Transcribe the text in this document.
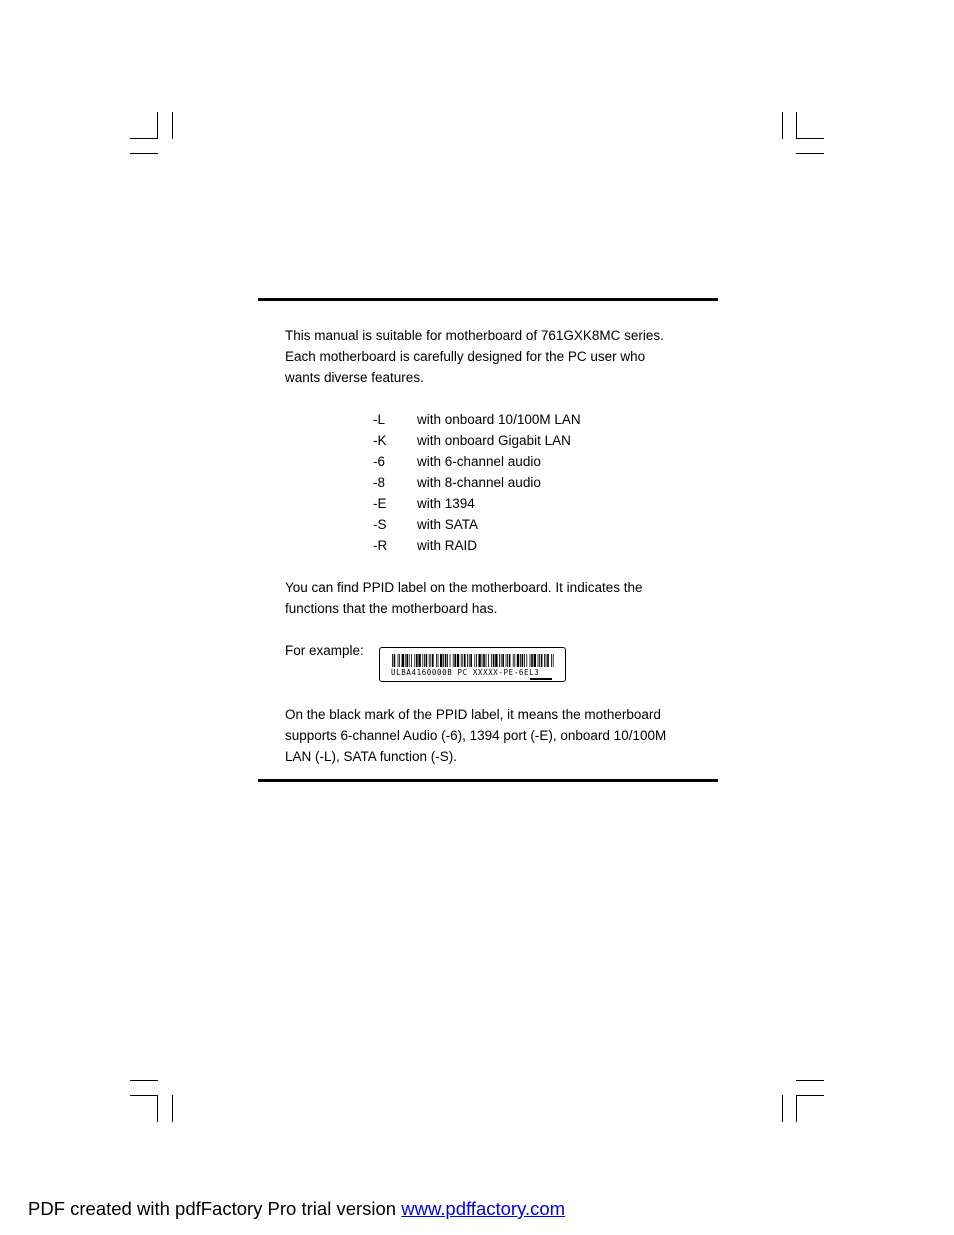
This manual is suitable for motherboard of 761GXK8MC series.
Each motherboard is carefully designed for the PC user who
wants diverse features.

-L with onboard 10/100M LAN
-K with onboard Gigabit LAN
-6 with 6-channel audio
-8 with 8-channel audio
-E with 1394
-S with SATA
-R with RAID

You can find PPID label on the motherboard. It indicates the
functions that the motherboard has.

For example:
ULBA4160000B PC XXXXX-PE-6EL3

On the black mark of the PPID label, it means the motherboard
supports 6-channel Audio (-6), 1394 port (-E), onboard 10/100M
LAN (-L), SATA function (-S).

PDF created with pdfFactory Pro trial version www.pdffactory.com
